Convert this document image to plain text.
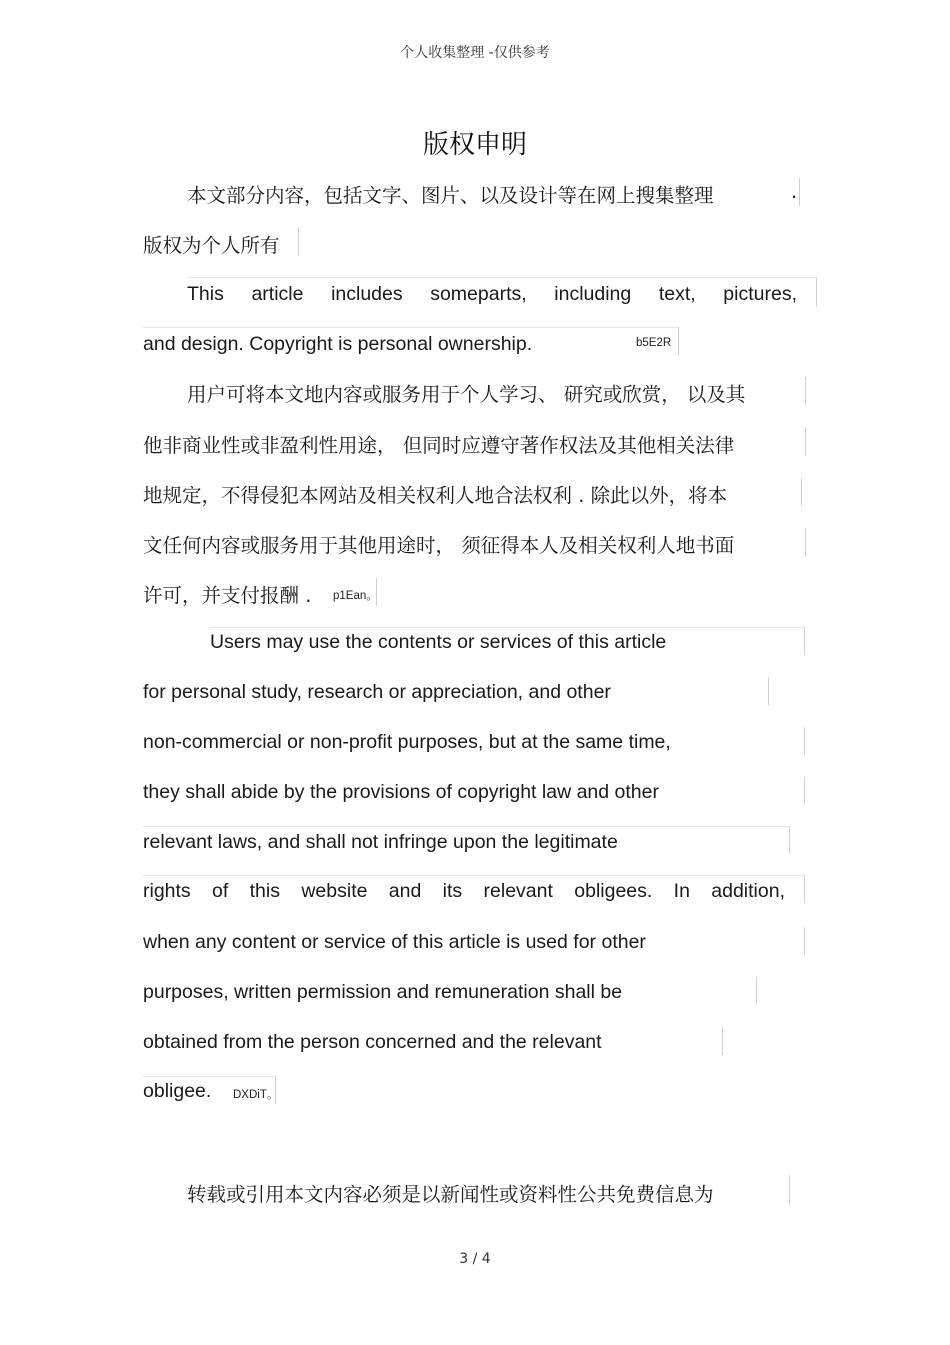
个人收集整理 -仅供参考
版权申明
本文部分内容，包括文字、图片、以及设计等在网上搜集整理	.
版权为个人所有
This article includes someparts, including text, pictures,
and design. Copyright is personal ownership.	b5E2R
用户可将本文地内容或服务用于个人学习、 研究或欣赏， 以及其
他非商业性或非盈利性用途， 但同时应遵守著作权法及其他相关法律
地规定，不得侵犯本网站及相关权利人地合法权利 . 除此以外，将本
文任何内容或服务用于其他用途时， 须征得本人及相关权利人地书面
许可，并支付报酬 . p1Ean。
Users may use the contents or services of this article
for personal study, research or appreciation, and other
non-commercial or non-profit purposes, but at the same time,
they shall abide by the provisions of copyright law and other
relevant laws, and shall not infringe upon the legitimate
rights of this website and its relevant obligees. In addition,
when any content or service of this article is used for other
purposes, written permission and remuneration shall be
obtained from the person concerned and the relevant
obligee. DXDiT。
转载或引用本文内容必须是以新闻性或资料性公共免费信息为
3 / 4
